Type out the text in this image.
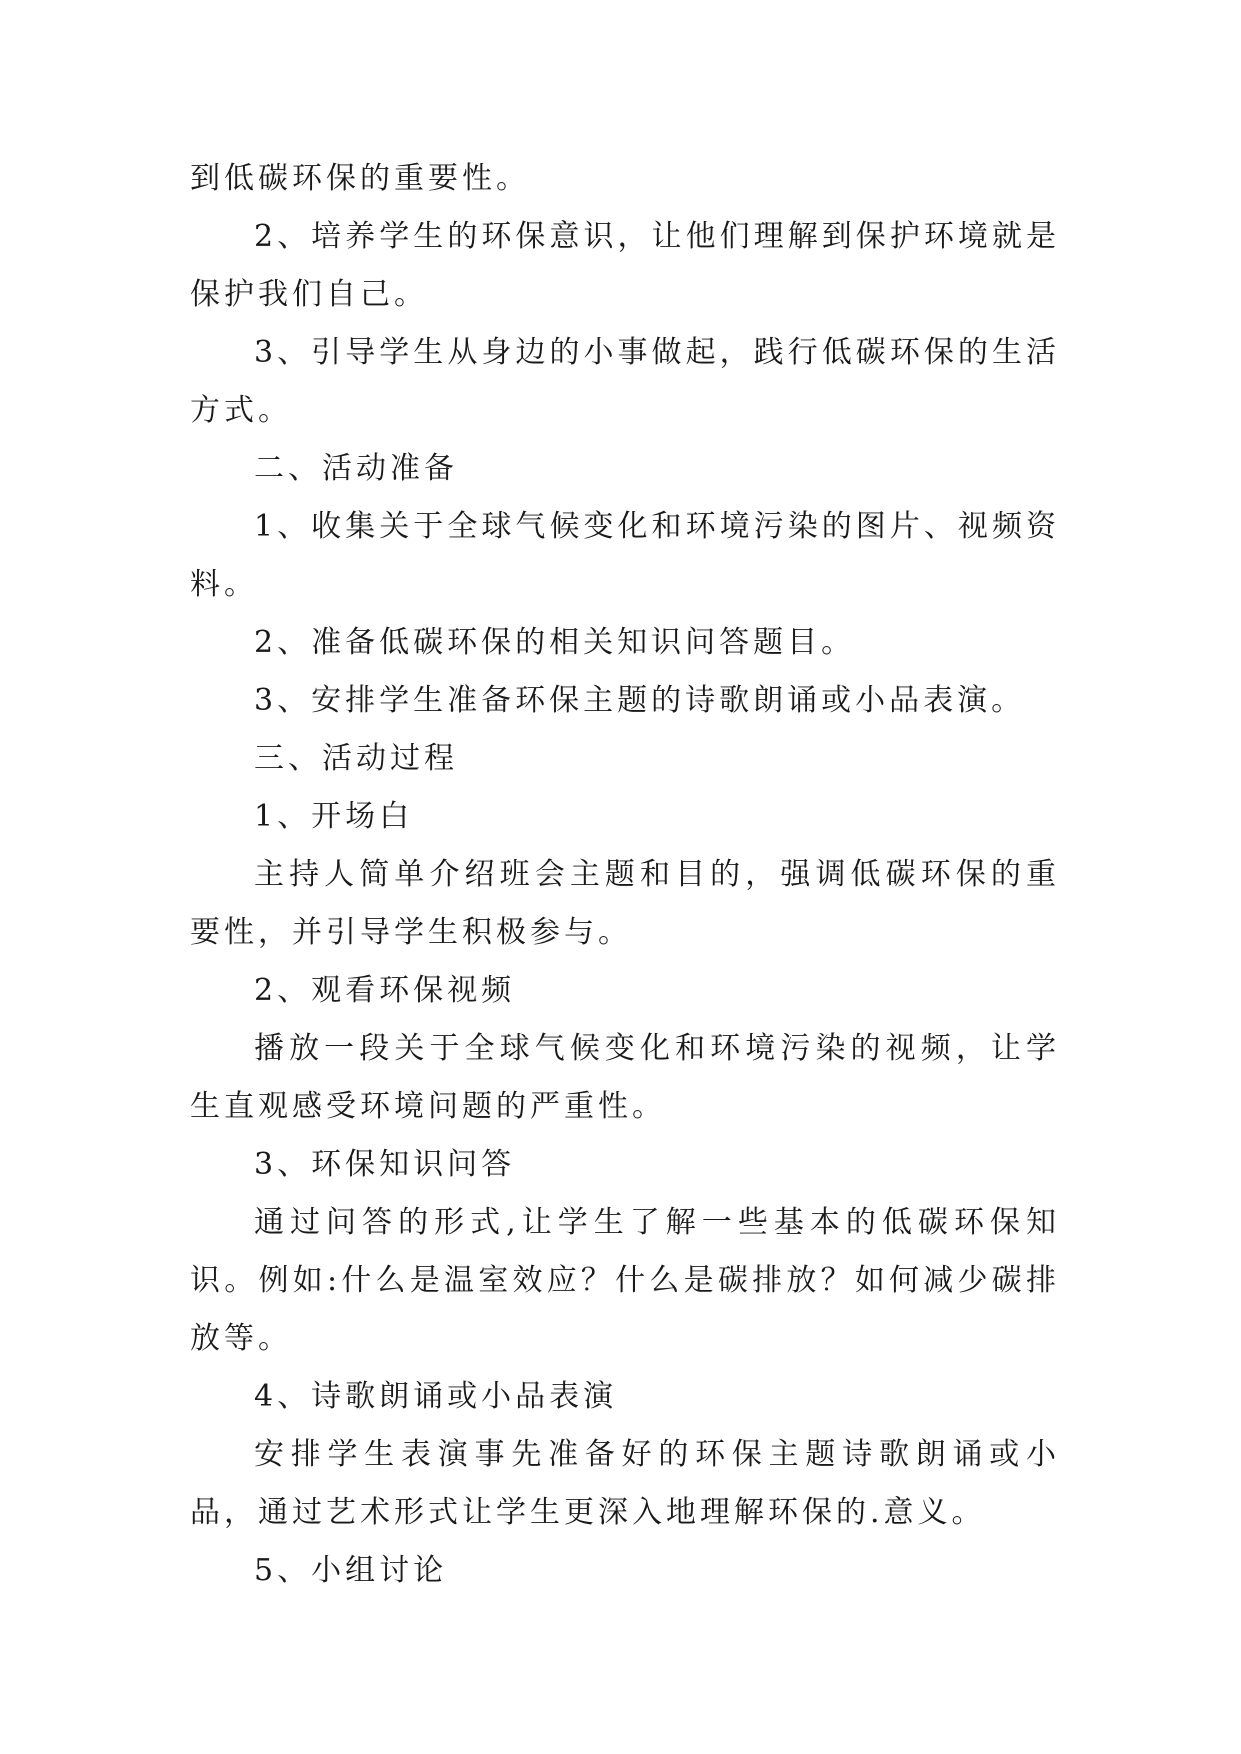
到低碳环保的重要性。

2、培养学生的环保意识，让他们理解到保护环境就是保护我们自己。

3、引导学生从身边的小事做起，践行低碳环保的生活方式。

二、活动准备

1、收集关于全球气候变化和环境污染的图片、视频资料。

2、准备低碳环保的相关知识问答题目。

3、安排学生准备环保主题的诗歌朗诵或小品表演。

三、活动过程

1、开场白

主持人简单介绍班会主题和目的，强调低碳环保的重要性，并引导学生积极参与。

2、观看环保视频

播放一段关于全球气候变化和环境污染的视频，让学生直观感受环境问题的严重性。

3、环保知识问答

通过问答的形式,让学生了解一些基本的低碳环保知识。例如:什么是温室效应？什么是碳排放？如何减少碳排放等。

4、诗歌朗诵或小品表演

安排学生表演事先准备好的环保主题诗歌朗诵或小品，通过艺术形式让学生更深入地理解环保的.意义。

5、小组讨论
